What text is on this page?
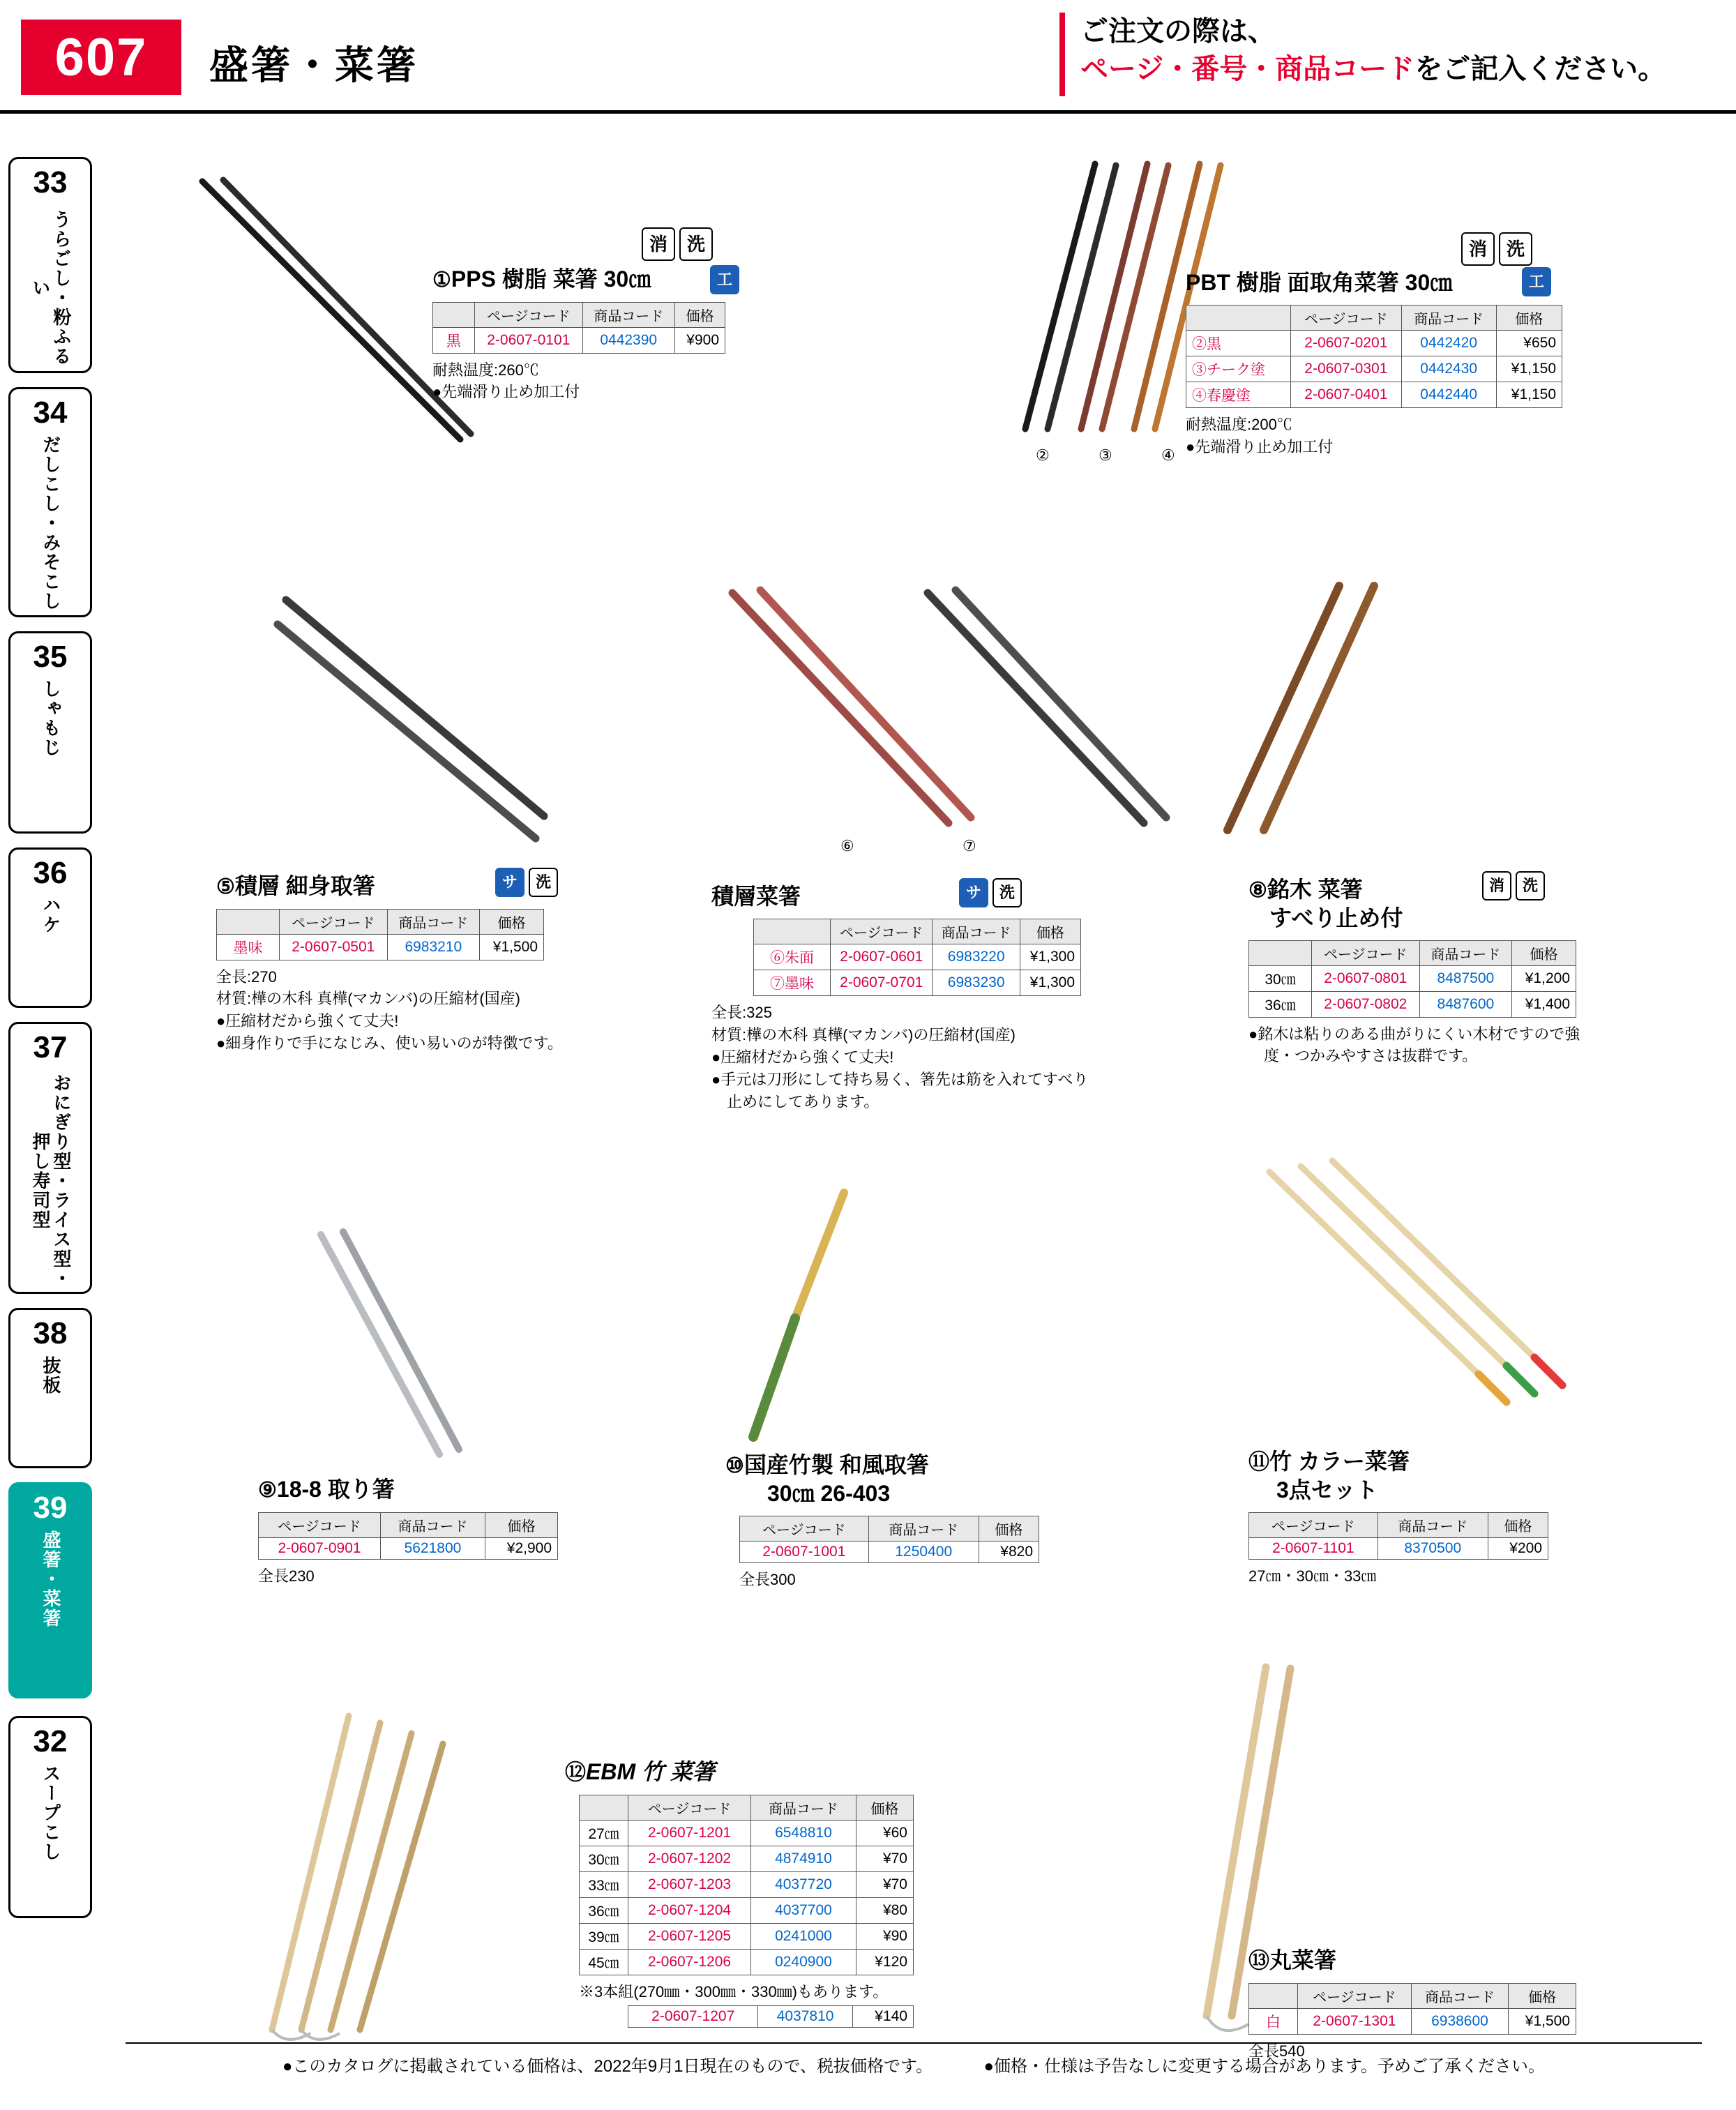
607	盛箸・菜箸
ご注文の際は、
ページ・番号・商品コードをご記入ください。
33
うらごし・粉ふるい
34
だしこし・みそこし
35
しゃもじ
36
ハケ
37
おにぎり型・ライス型・押し寿司型
38
抜板
39
盛箸・菜箸
32
スープこし
①PPS 樹脂 菜箸 30㎝
消	洗
工
	ページコード	商品コード	価格
黒	2-0607-0101	0442390	¥900
耐熱温度:260℃
●先端滑り止め加工付
②	③	④
PBT 樹脂 面取角菜箸 30㎝
消	洗
工
	ページコード	商品コード	価格
②黒	2-0607-0201	0442420	¥650
③チーク塗	2-0607-0301	0442430	¥1,150
④春慶塗	2-0607-0401	0442440	¥1,150
耐熱温度:200℃
●先端滑り止め加工付
⑤積層 細身取箸	サ	洗
	ページコード	商品コード	価格
墨味	2-0607-0501	6983210	¥1,500
全長:270
材質:樺の木科 真樺(マカンバ)の圧縮材(国産)
●圧縮材だから強くて丈夫!
●細身作りで手になじみ、使い易いのが特徴です。
⑥	⑦
積層菜箸	サ	洗
	ページコード	商品コード	価格
⑥朱面	2-0607-0601	6983220	¥1,300
⑦墨味	2-0607-0701	6983230	¥1,300
全長:325
材質:樺の木科 真樺(マカンバ)の圧縮材(国産)
●圧縮材だから強くて丈夫!
●手元は刀形にして持ち易く、箸先は筋を入れてすべり
　止めにしてあります。
⑧銘木 菜箸
すべり止め付
消	洗
	ページコード	商品コード	価格
30㎝	2-0607-0801	8487500	¥1,200
36㎝	2-0607-0802	8487600	¥1,400
●銘木は粘りのある曲がりにくい木材ですので強
　度・つかみやすさは抜群です。
⑨18-8 取り箸
ページコード	商品コード	価格
2-0607-0901	5621800	¥2,900
全長230
⑩国産竹製 和風取箸
30㎝ 26-403
ページコード	商品コード	価格
2-0607-1001	1250400	¥820
全長300
⑪竹 カラー菜箸
3点セット
ページコード	商品コード	価格
2-0607-1101	8370500	¥200
27㎝・30㎝・33㎝
⑫EBM 竹 菜箸
	ページコード	商品コード	価格
27㎝	2-0607-1201	6548810	¥60
30㎝	2-0607-1202	4874910	¥70
33㎝	2-0607-1203	4037720	¥70
36㎝	2-0607-1204	4037700	¥80
39㎝	2-0607-1205	0241000	¥90
45㎝	2-0607-1206	0240900	¥120
※3本組(270㎜・300㎜・330㎜)もあります。
2-0607-1207	4037810	¥140
⑬丸菜箸
	ページコード	商品コード	価格
白	2-0607-1301	6938600	¥1,500
全長540
●このカタログに掲載されている価格は、2022年9月1日現在のもので、税抜価格です。	●価格・仕様は予告なしに変更する場合があります。予めご了承ください。
